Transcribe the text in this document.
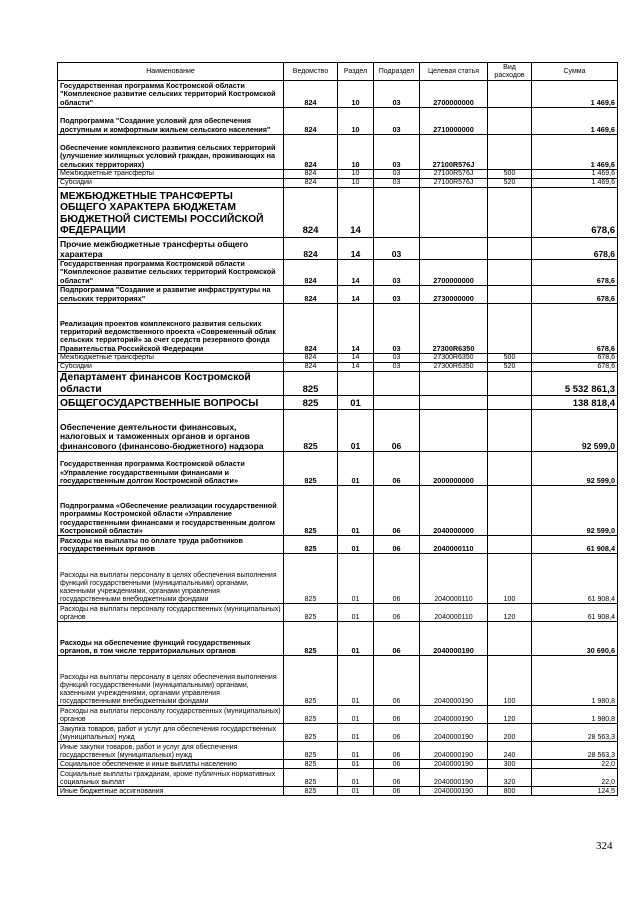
Наименование	Ведомство	Раздел	Подраздел	Целевая статья	Вид расходов	Сумма
Государственная программа Костромской области "Комплексное развитие сельских территорий Костромской области"	824	10	03	2700000000		1 469,6
Подпрограмма "Создание условий для обеспечения доступным и комфортным жильем сельского населения"	824	10	03	2710000000		1 469,6
Обеспечение комплексного развития сельских территорий (улучшение жилищных условий граждан, проживающих на сельских территориях)	824	10	03	27100R576J		1 469,6
Межбюджетные трансферты	824	10	03	27100R576J	500	1 469,6
Субсидии	824	10	03	27100R576J	520	1 469,6
МЕЖБЮДЖЕТНЫЕ ТРАНСФЕРТЫ ОБЩЕГО ХАРАКТЕРА БЮДЖЕТАМ БЮДЖЕТНОЙ СИСТЕМЫ РОССИЙСКОЙ ФЕДЕРАЦИИ	824	14				678,6
Прочие межбюджетные трансферты общего характера	824	14	03			678,6
Государственная программа Костромской области "Комплексное развитие сельских территорий Костромской области"	824	14	03	2700000000		678,6
Подпрограмма "Создание и развитие инфраструктуры на сельских территориях"	824	14	03	2730000000		678,6
Реализация проектов комплексного развития сельских территорий ведомственного проекта «Современный облик сельских территорий» за счет средств резервного фонда Правительства Российской Федерации	824	14	03	27300R6350		678,6
Межбюджетные трансферты	824	14	03	27300R6350	500	678,6
Субсидии	824	14	03	27300R6350	520	678,6
Департамент финансов Костромской области	825					5 532 861,3
ОБЩЕГОСУДАРСТВЕННЫЕ ВОПРОСЫ	825	01				138 818,4
Обеспечение деятельности финансовых, налоговых и таможенных органов и органов финансового (финансово-бюджетного) надзора	825	01	06			92 599,0
Государственная программа Костромской области «Управление государственными финансами и государственным долгом Костромской области»	825	01	06	2000000000		92 599,0
Подпрограмма «Обеспечение реализации государственной программы Костромской области «Управление государственными финансами и государственным долгом Костромской области»	825	01	06	2040000000		92 599,0
Расходы на выплаты по оплате труда работников государственных органов	825	01	06	2040000110		61 908,4
Расходы на выплаты персоналу в целях обеспечения выполнения функций государственными (муниципальными) органами, казенными учреждениями, органами управления государственными внебюджетными фондами	825	01	06	2040000110	100	61 908,4
Расходы на выплаты персоналу государственных (муниципальных) органов	825	01	06	2040000110	120	61 908,4
Расходы на обеспечение функций государственных органов, в том числе территориальных органов	825	01	06	2040000190		30 690,6
Расходы на выплаты персоналу в целях обеспечения выполнения функций государственными (муниципальными) органами, казенными учреждениями, органами управления государственными внебюджетными фондами	825	01	06	2040000190	100	1 980,8
Расходы на выплаты персоналу государственных (муниципальных) органов	825	01	06	2040000190	120	1 980,8
Закупка товаров, работ и услуг для обеспечения государственных (муниципальных) нужд	825	01	06	2040000190	200	28 563,3
Иные закупки товаров, работ и услуг для обеспечения государственных (муниципальных) нужд	825	01	06	2040000190	240	28 563,3
Социальное обеспечение и иные выплаты населению	825	01	06	2040000190	300	22,0
Социальные выплаты гражданам, кроме публичных нормативных социальных выплат	825	01	06	2040000190	320	22,0
Иные бюджетные ассигнования	825	01	06	2040000190	800	124,5
324
